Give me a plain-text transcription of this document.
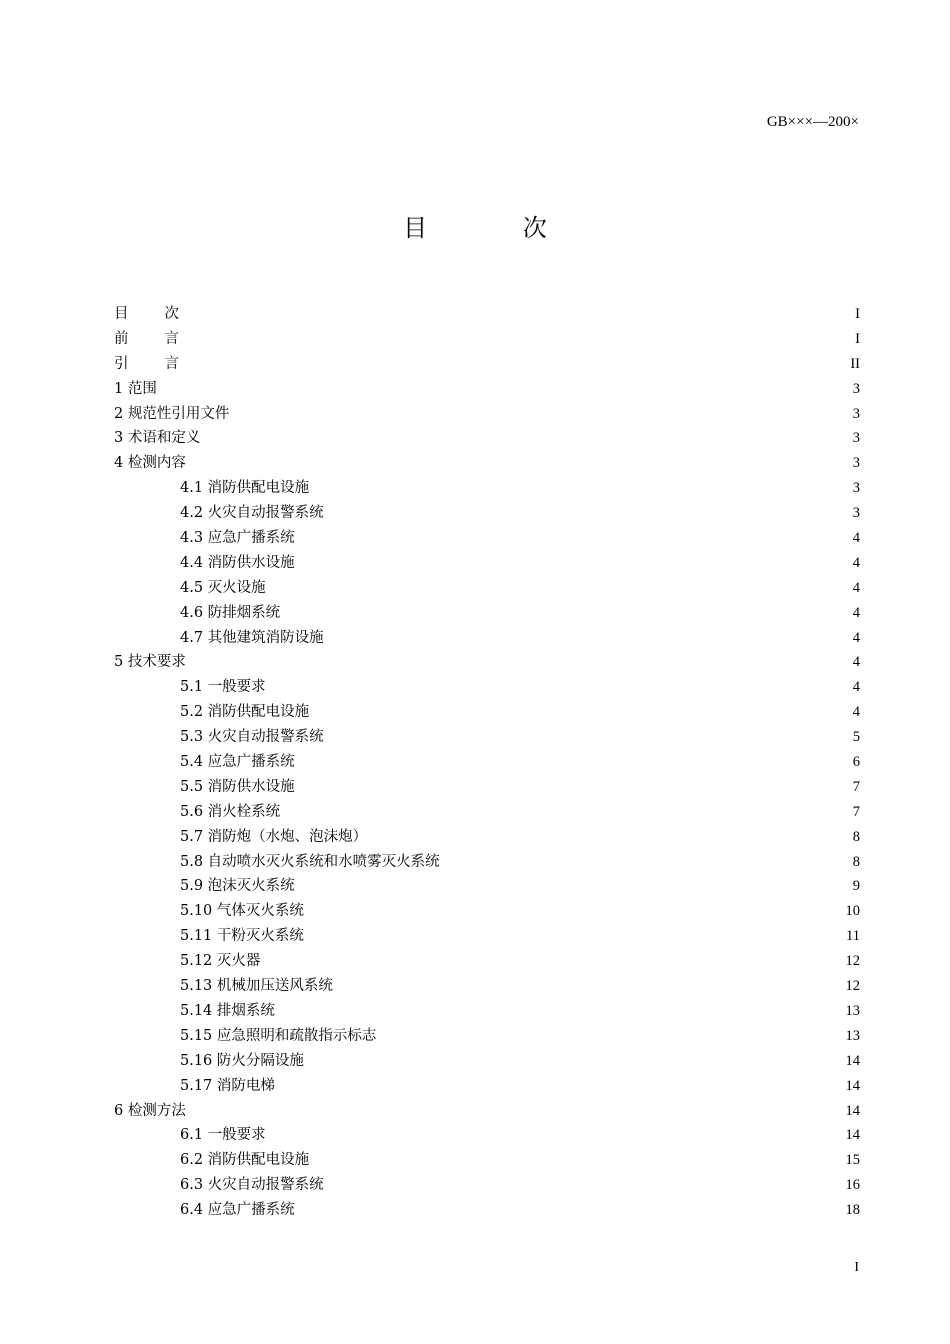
GB×××—200×
目 次
目 次	I
前 言	I
引 言	II
1 范围	3
2 规范性引用文件	3
3 术语和定义	3
4 检测内容	3
4.1 消防供配电设施	3
4.2 火灾自动报警系统	3
4.3 应急广播系统	4
4.4 消防供水设施	4
4.5 灭火设施	4
4.6 防排烟系统	4
4.7 其他建筑消防设施	4
5 技术要求	4
5.1 一般要求	4
5.2 消防供配电设施	4
5.3 火灾自动报警系统	5
5.4 应急广播系统	6
5.5 消防供水设施	7
5.6 消火栓系统	7
5.7 消防炮（水炮、泡沫炮）	8
5.8 自动喷水灭火系统和水喷雾灭火系统	8
5.9 泡沫灭火系统	9
5.10 气体灭火系统	10
5.11 干粉灭火系统	11
5.12 灭火器	12
5.13 机械加压送风系统	12
5.14 排烟系统	13
5.15 应急照明和疏散指示标志	13
5.16 防火分隔设施	14
5.17 消防电梯	14
6 检测方法	14
6.1 一般要求	14
6.2 消防供配电设施	15
6.3 火灾自动报警系统	16
6.4 应急广播系统	18
I
